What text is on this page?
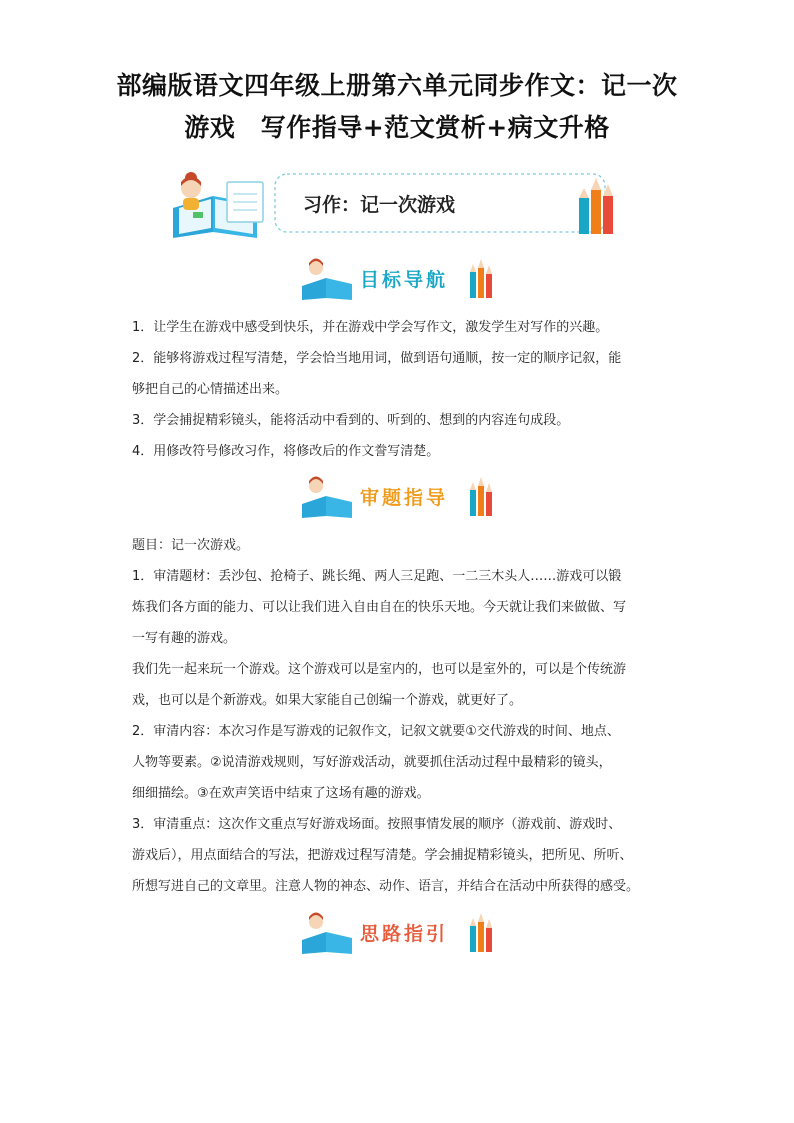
部编版语文四年级上册第六单元同步作文：记一次
游戏　写作指导+范文赏析+病文升格
习作：记一次游戏
目标导航

1．让学生在游戏中感受到快乐，并在游戏中学会写作文，激发学生对写作的兴趣。

2．能够将游戏过程写清楚，学会恰当地用词，做到语句通顺，按一定的顺序记叙，能

够把自己的心情描述出来。

3．学会捕捉精彩镜头，能将活动中看到的、听到的、想到的内容连句成段。

4．用修改符号修改习作，将修改后的作文誊写清楚。

审题指导

题目：记一次游戏。

1．审清题材：丢沙包、抢椅子、跳长绳、两人三足跑、一二三木头人……游戏可以锻

炼我们各方面的能力、可以让我们进入自由自在的快乐天地。今天就让我们来做做、写

一写有趣的游戏。

我们先一起来玩一个游戏。这个游戏可以是室内的，也可以是室外的，可以是个传统游

戏，也可以是个新游戏。如果大家能自己创编一个游戏，就更好了。

2．审清内容：本次习作是写游戏的记叙作文，记叙文就要①交代游戏的时间、地点、

人物等要素。②说清游戏规则，写好游戏活动，就要抓住活动过程中最精彩的镜头，

细细描绘。③在欢声笑语中结束了这场有趣的游戏。

3．审清重点：这次作文重点写好游戏场面。按照事情发展的顺序（游戏前、游戏时、

游戏后），用点面结合的写法，把游戏过程写清楚。学会捕捉精彩镜头，把所见、所听、

所想写进自己的文章里。注意人物的神态、动作、语言，并结合在活动中所获得的感受。

思路指引
